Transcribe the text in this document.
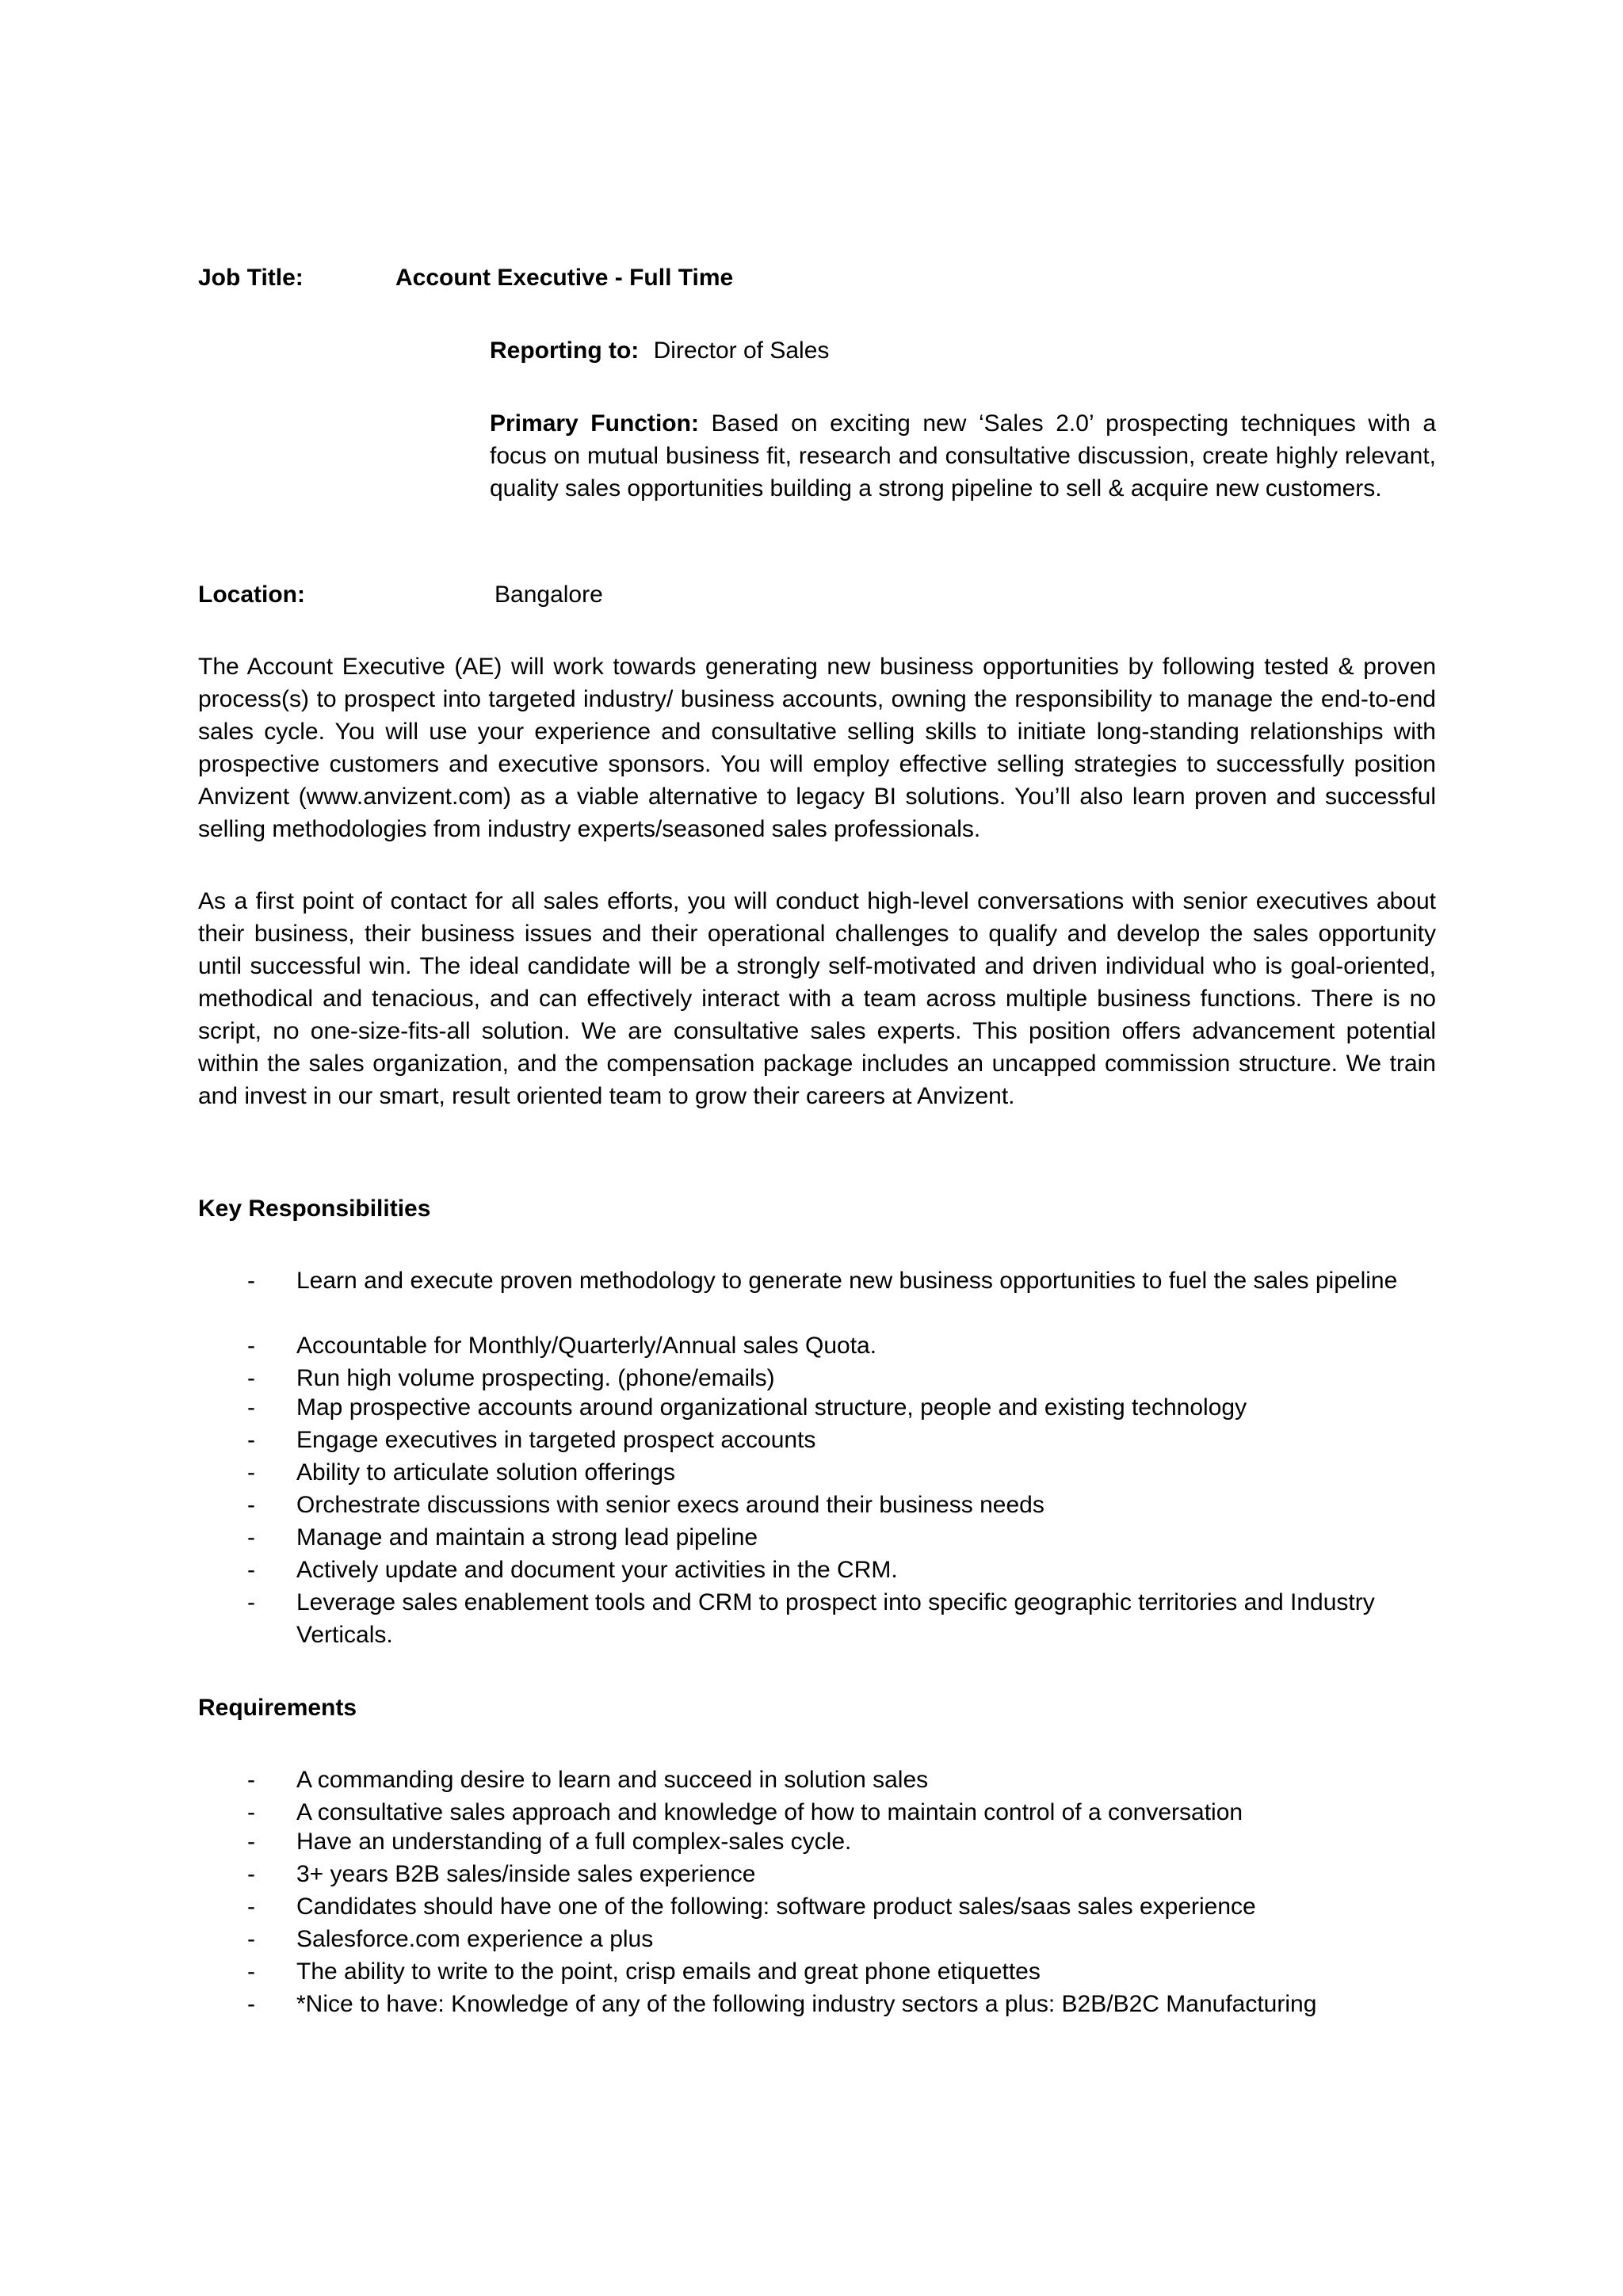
Job Title:	Account Executive - Full Time
Reporting to: Director of Sales
Primary Function: Based on exciting new ‘Sales 2.0’ prospecting techniques with a focus on mutual business fit, research and consultative discussion, create highly relevant, quality sales opportunities building a strong pipeline to sell & acquire new customers.
Location:	Bangalore
The Account Executive (AE) will work towards generating new business opportunities by following tested & proven process(s) to prospect into targeted industry/ business accounts, owning the responsibility to manage the end-to-end sales cycle. You will use your experience and consultative selling skills to initiate long-standing relationships with prospective customers and executive sponsors. You will employ effective selling strategies to successfully position Anvizent (www.anvizent.com) as a viable alternative to legacy BI solutions. You’ll also learn proven and successful selling methodologies from industry experts/seasoned sales professionals.
As a first point of contact for all sales efforts, you will conduct high-level conversations with senior executives about their business, their business issues and their operational challenges to qualify and develop the sales opportunity until successful win. The ideal candidate will be a strongly self-motivated and driven individual who is goal-oriented, methodical and tenacious, and can effectively interact with a team across multiple business functions. There is no script, no one-size-fits-all solution. We are consultative sales experts. This position offers advancement potential within the sales organization, and the compensation package includes an uncapped commission structure. We train and invest in our smart, result oriented team to grow their careers at Anvizent.
Key Responsibilities
- Learn and execute proven methodology to generate new business opportunities to fuel the sales pipeline
- Accountable for Monthly/Quarterly/Annual sales Quota.
- Run high volume prospecting. (phone/emails)
- Map prospective accounts around organizational structure, people and existing technology
- Engage executives in targeted prospect accounts
- Ability to articulate solution offerings
- Orchestrate discussions with senior execs around their business needs
- Manage and maintain a strong lead pipeline
- Actively update and document your activities in the CRM.
- Leverage sales enablement tools and CRM to prospect into specific geographic territories and Industry Verticals.
Requirements
- A commanding desire to learn and succeed in solution sales
- A consultative sales approach and knowledge of how to maintain control of a conversation
- Have an understanding of a full complex-sales cycle.
- 3+ years B2B sales/inside sales experience
- Candidates should have one of the following: software product sales/saas sales experience
- Salesforce.com experience a plus
- The ability to write to the point, crisp emails and great phone etiquettes
- *Nice to have: Knowledge of any of the following industry sectors a plus: B2B/B2C Manufacturing
